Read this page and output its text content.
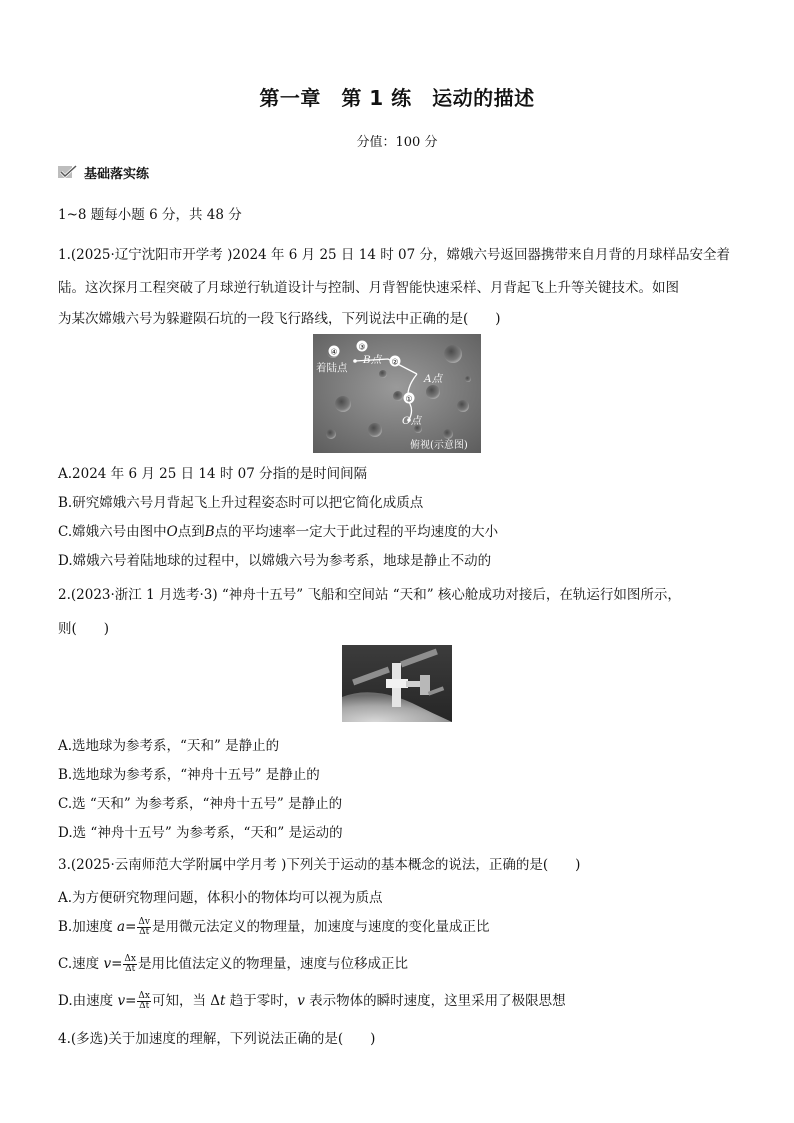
第一章　第 1 练　运动的描述
分值：100 分
基础落实练
1~8 题每小题 6 分，共 48 分
1.(2025·辽宁沈阳市开学考 )2024 年 6 月 25 日 14 时 07 分，嫦娥六号返回器携带来自月背的月球样品安全着
陆。这次探月工程突破了月球逆行轨道设计与控制、月背智能快速采样、月背起飞上升等关键技术。如图
为某次嫦娥六号为躲避陨石坑的一段飞行路线，下列说法中正确的是(　　)
④
③
②
①
着陆点
B点
A点
O点
俯视(示意图)
A.2024 年 6 月 25 日 14 时 07 分指的是时间间隔
B.研究嫦娥六号月背起飞上升过程姿态时可以把它简化成质点
C.嫦娥六号由图中O点到B点的平均速率一定大于此过程的平均速度的大小
D.嫦娥六号着陆地球的过程中，以嫦娥六号为参考系，地球是静止不动的
2.(2023·浙江 1 月选考·3) “神舟十五号” 飞船和空间站 “天和” 核心舱成功对接后，在轨运行如图所示，
则(　　)
A.选地球为参考系，“天和” 是静止的
B.选地球为参考系，“神舟十五号” 是静止的
C.选 “天和” 为参考系，“神舟十五号” 是静止的
D.选 “神舟十五号” 为参考系，“天和” 是运动的
3.(2025·云南师范大学附属中学月考 )下列关于运动的基本概念的说法，正确的是(　　)
A.为方便研究物理问题，体积小的物体均可以视为质点
B.加速度 $a= \frac{\Delta v}{\Delta t}$ 是用微元法定义的物理量，加速度与速度的变化量成正比
C.速度 $v= \frac{\Delta x}{\Delta t}$ 是用比值法定义的物理量，速度与位移成正比
D.由速度 $v= \frac{\Delta x}{\Delta t}$ 可知，当 Δt 趋于零时，v 表示物体的瞬时速度，这里采用了极限思想
4.(多选)关于加速度的理解，下列说法正确的是(　　)
